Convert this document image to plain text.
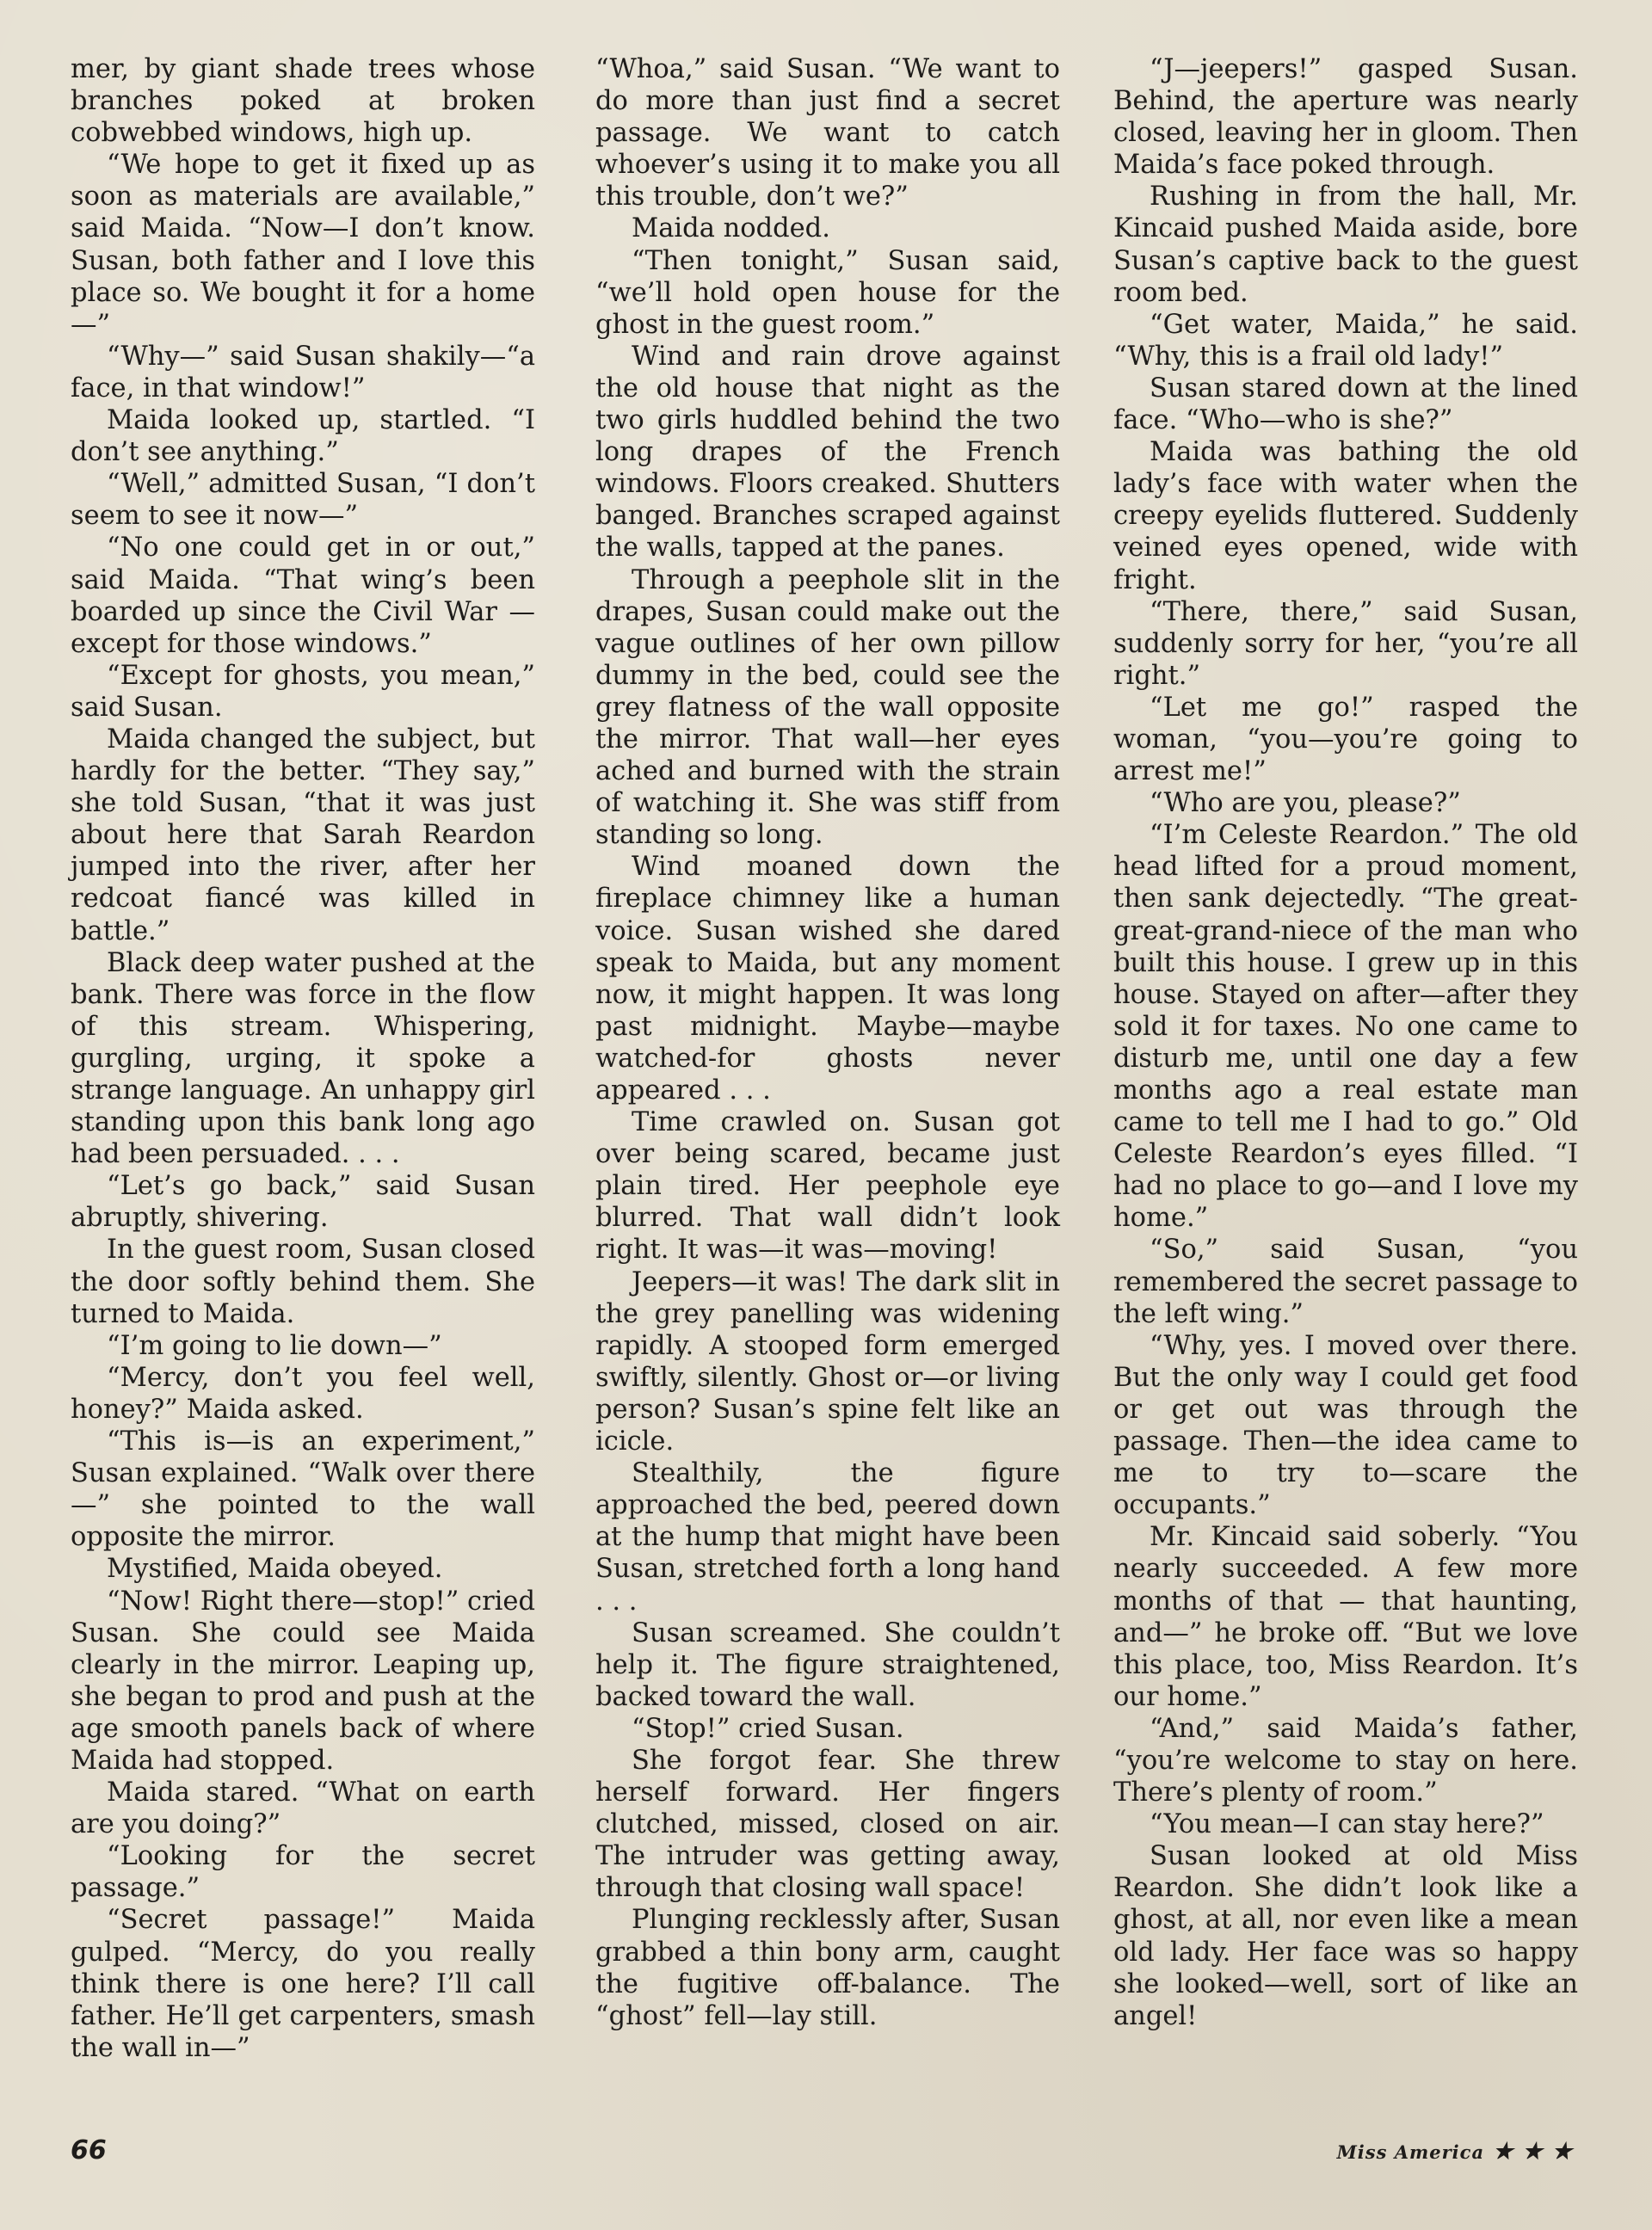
mer, by giant shade trees whose branches poked at broken cobwebbed windows, high up.

“We hope to get it fixed up as soon as materials are available,” said Maida. “Now—I don’t know. Susan, both father and I love this place so. We bought it for a home—”

“Why—” said Susan shakily—“a face, in that window!”

Maida looked up, startled. “I don’t see anything.”

“Well,” admitted Susan, “I don’t seem to see it now—”

“No one could get in or out,” said Maida. “That wing’s been boarded up since the Civil War —except for those windows.”

“Except for ghosts, you mean,” said Susan.

Maida changed the subject, but hardly for the better. “They say,” she told Susan, “that it was just about here that Sarah Reardon jumped into the river, after her redcoat fiancé was killed in battle.”

Black deep water pushed at the bank. There was force in the flow of this stream. Whispering, gurgling, urging, it spoke a strange language. An unhappy girl standing upon this bank long ago had been persuaded. . . .

“Let’s go back,” said Susan abruptly, shivering.

In the guest room, Susan closed the door softly behind them. She turned to Maida.

“I’m going to lie down—”

“Mercy, don’t you feel well, honey?” Maida asked.

“This is—is an experiment,” Susan explained. “Walk over there—” she pointed to the wall opposite the mirror.

Mystified, Maida obeyed.

“Now! Right there—stop!” cried Susan. She could see Maida clearly in the mirror. Leaping up, she began to prod and push at the age smooth panels back of where Maida had stopped.

Maida stared. “What on earth are you doing?”

“Looking for the secret passage.”

“Secret passage!” Maida gulped. “Mercy, do you really think there is one here? I’ll call father. He’ll get carpenters, smash the wall in—”

“Whoa,” said Susan. “We want to do more than just find a secret passage. We want to catch whoever’s using it to make you all this trouble, don’t we?”

Maida nodded.

“Then tonight,” Susan said, “we’ll hold open house for the ghost in the guest room.”

Wind and rain drove against the old house that night as the two girls huddled behind the two long drapes of the French windows. Floors creaked. Shutters banged. Branches scraped against the walls, tapped at the panes.

Through a peephole slit in the drapes, Susan could make out the vague outlines of her own pillow dummy in the bed, could see the grey flatness of the wall opposite the mirror. That wall—her eyes ached and burned with the strain of watching it. She was stiff from standing so long.

Wind moaned down the fireplace chimney like a human voice. Susan wished she dared speak to Maida, but any moment now, it might happen. It was long past midnight. Maybe—maybe watched-for ghosts never appeared . . .

Time crawled on. Susan got over being scared, became just plain tired. Her peephole eye blurred. That wall didn’t look right. It was—it was—moving!

Jeepers—it was! The dark slit in the grey panelling was widening rapidly. A stooped form emerged swiftly, silently. Ghost or—or living person? Susan’s spine felt like an icicle.

Stealthily, the figure approached the bed, peered down at the hump that might have been Susan, stretched forth a long hand . . .

Susan screamed. She couldn’t help it. The figure straightened, backed toward the wall.

“Stop!” cried Susan.

She forgot fear. She threw herself forward. Her fingers clutched, missed, closed on air. The intruder was getting away, through that closing wall space!

Plunging recklessly after, Susan grabbed a thin bony arm, caught the fugitive off-balance. The “ghost” fell—lay still.

“J—jeepers!” gasped Susan. Behind, the aperture was nearly closed, leaving her in gloom. Then Maida’s face poked through.

Rushing in from the hall, Mr. Kincaid pushed Maida aside, bore Susan’s captive back to the guest room bed.

“Get water, Maida,” he said. “Why, this is a frail old lady!”

Susan stared down at the lined face. “Who—who is she?”

Maida was bathing the old lady’s face with water when the creepy eyelids fluttered. Suddenly veined eyes opened, wide with fright.

“There, there,” said Susan, suddenly sorry for her, “you’re all right.”

“Let me go!” rasped the woman, “you—you’re going to arrest me!”

“Who are you, please?”

“I’m Celeste Reardon.” The old head lifted for a proud moment, then sank dejectedly. “The great-great-grand-niece of the man who built this house. I grew up in this house. Stayed on after—after they sold it for taxes. No one came to disturb me, until one day a few months ago a real estate man came to tell me I had to go.” Old Celeste Reardon’s eyes filled. “I had no place to go—and I love my home.”

“So,” said Susan, “you remembered the secret passage to the left wing.”

“Why, yes. I moved over there. But the only way I could get food or get out was through the passage. Then—the idea came to me to try to—scare the occupants.”

Mr. Kincaid said soberly. “You nearly succeeded. A few more months of that — that haunting, and—” he broke off. “But we love this place, too, Miss Reardon. It’s our home.”

“And,” said Maida’s father, “you’re welcome to stay on here. There’s plenty of room.”

“You mean—I can stay here?”

Susan looked at old Miss Reardon. She didn’t look like a ghost, at all, nor even like a mean old lady. Her face was so happy she looked—well, sort of like an angel!

66	Miss America ★ ★ ★
